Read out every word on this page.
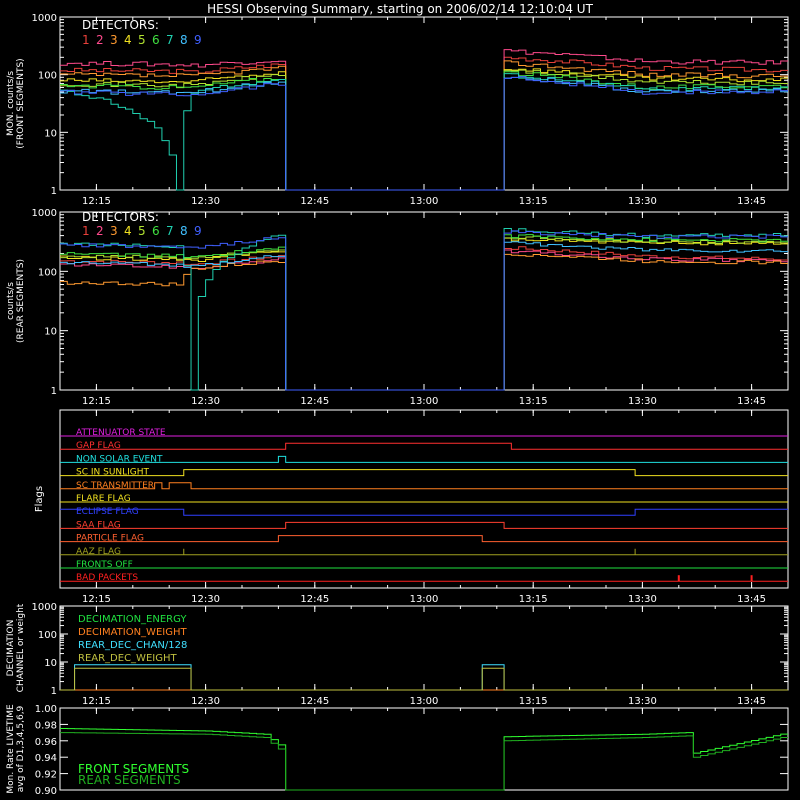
HESSI Observing Summary, starting on 2006/02/14 12:10:04 UT
12:15	12:30	12:45	13:00	13:15	13:30	13:45
1
10
100
1000
MON. counts/s (FRONT SEGMENTS)
DETECTORS:
1 2 3 4 5 6 7 8 9
12:15	12:30	12:45	13:00	13:15	13:30	13:45
1
10
100
1000
counts/s (REAR SEGMENTS)
DETECTORS:
1 2 3 4 5 6 7 8 9
12:15	12:30	12:45	13:00	13:15	13:30	13:45
Flags
ATTENUATOR STATE
GAP FLAG
NON SOLAR EVENT
SC IN SUNLIGHT
SC TRANSMITTER
FLARE FLAG
ECLIPSE FLAG
SAA FLAG
PARTICLE FLAG
AAZ FLAG
FRONTS OFF
BAD PACKETS
12:15	12:30	12:45	13:00	13:15	13:30	13:45
1
10
100
1000
DECIMATION CHANNEL or weight	DECIMATION_ENERGY
DECIMATION_WEIGHT
REAR_DEC_CHAN/128
REAR_DEC_WEIGHT
0.90
0.92
0.94
0.96
0.98
1.00
Mon. Rate LIVETIME avg of D1,3,4,5,6,9	FRONT SEGMENTS
REAR SEGMENTS
